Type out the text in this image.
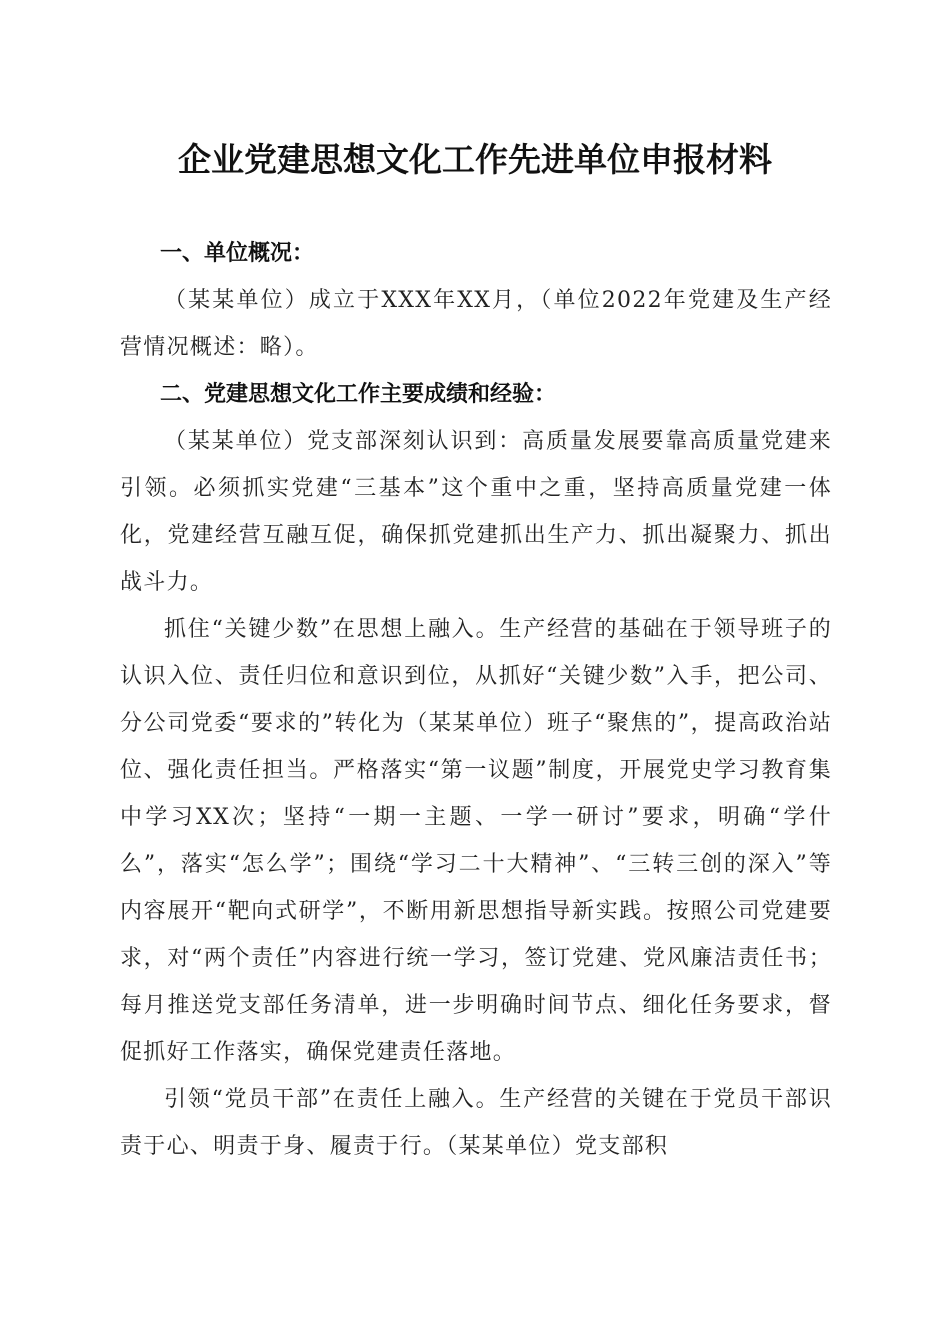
企业党建思想文化工作先进单位申报材料

一、单位概况：

（某某单位）成立于XXX年XX月，（单位2022年党建及生产经营情况概述：略）。

二、党建思想文化工作主要成绩和经验：

（某某单位）党支部深刻认识到：高质量发展要靠高质量党建来引领。必须抓实党建“三基本”这个重中之重，坚持高质量党建一体化，党建经营互融互促，确保抓党建抓出生产力、抓出凝聚力、抓出战斗力。

抓住“关键少数”在思想上融入。生产经营的基础在于领导班子的认识入位、责任归位和意识到位，从抓好“关键少数”入手，把公司、分公司党委“要求的”转化为（某某单位）班子“聚焦的”，提高政治站位、强化责任担当。严格落实“第一议题”制度，开展党史学习教育集中学习XX次；坚持“一期一主题、一学一研讨”要求，明确“学什么”，落实“怎么学”；围绕“学习二十大精神”、“三转三创的深入”等内容展开“靶向式研学”，不断用新思想指导新实践。按照公司党建要求，对“两个责任”内容进行统一学习，签订党建、党风廉洁责任书；每月推送党支部任务清单，进一步明确时间节点、细化任务要求，督促抓好工作落实，确保党建责任落地。

引领“党员干部”在责任上融入。生产经营的关键在于党员干部识责于心、明责于身、履责于行。（某某单位）党支部积
